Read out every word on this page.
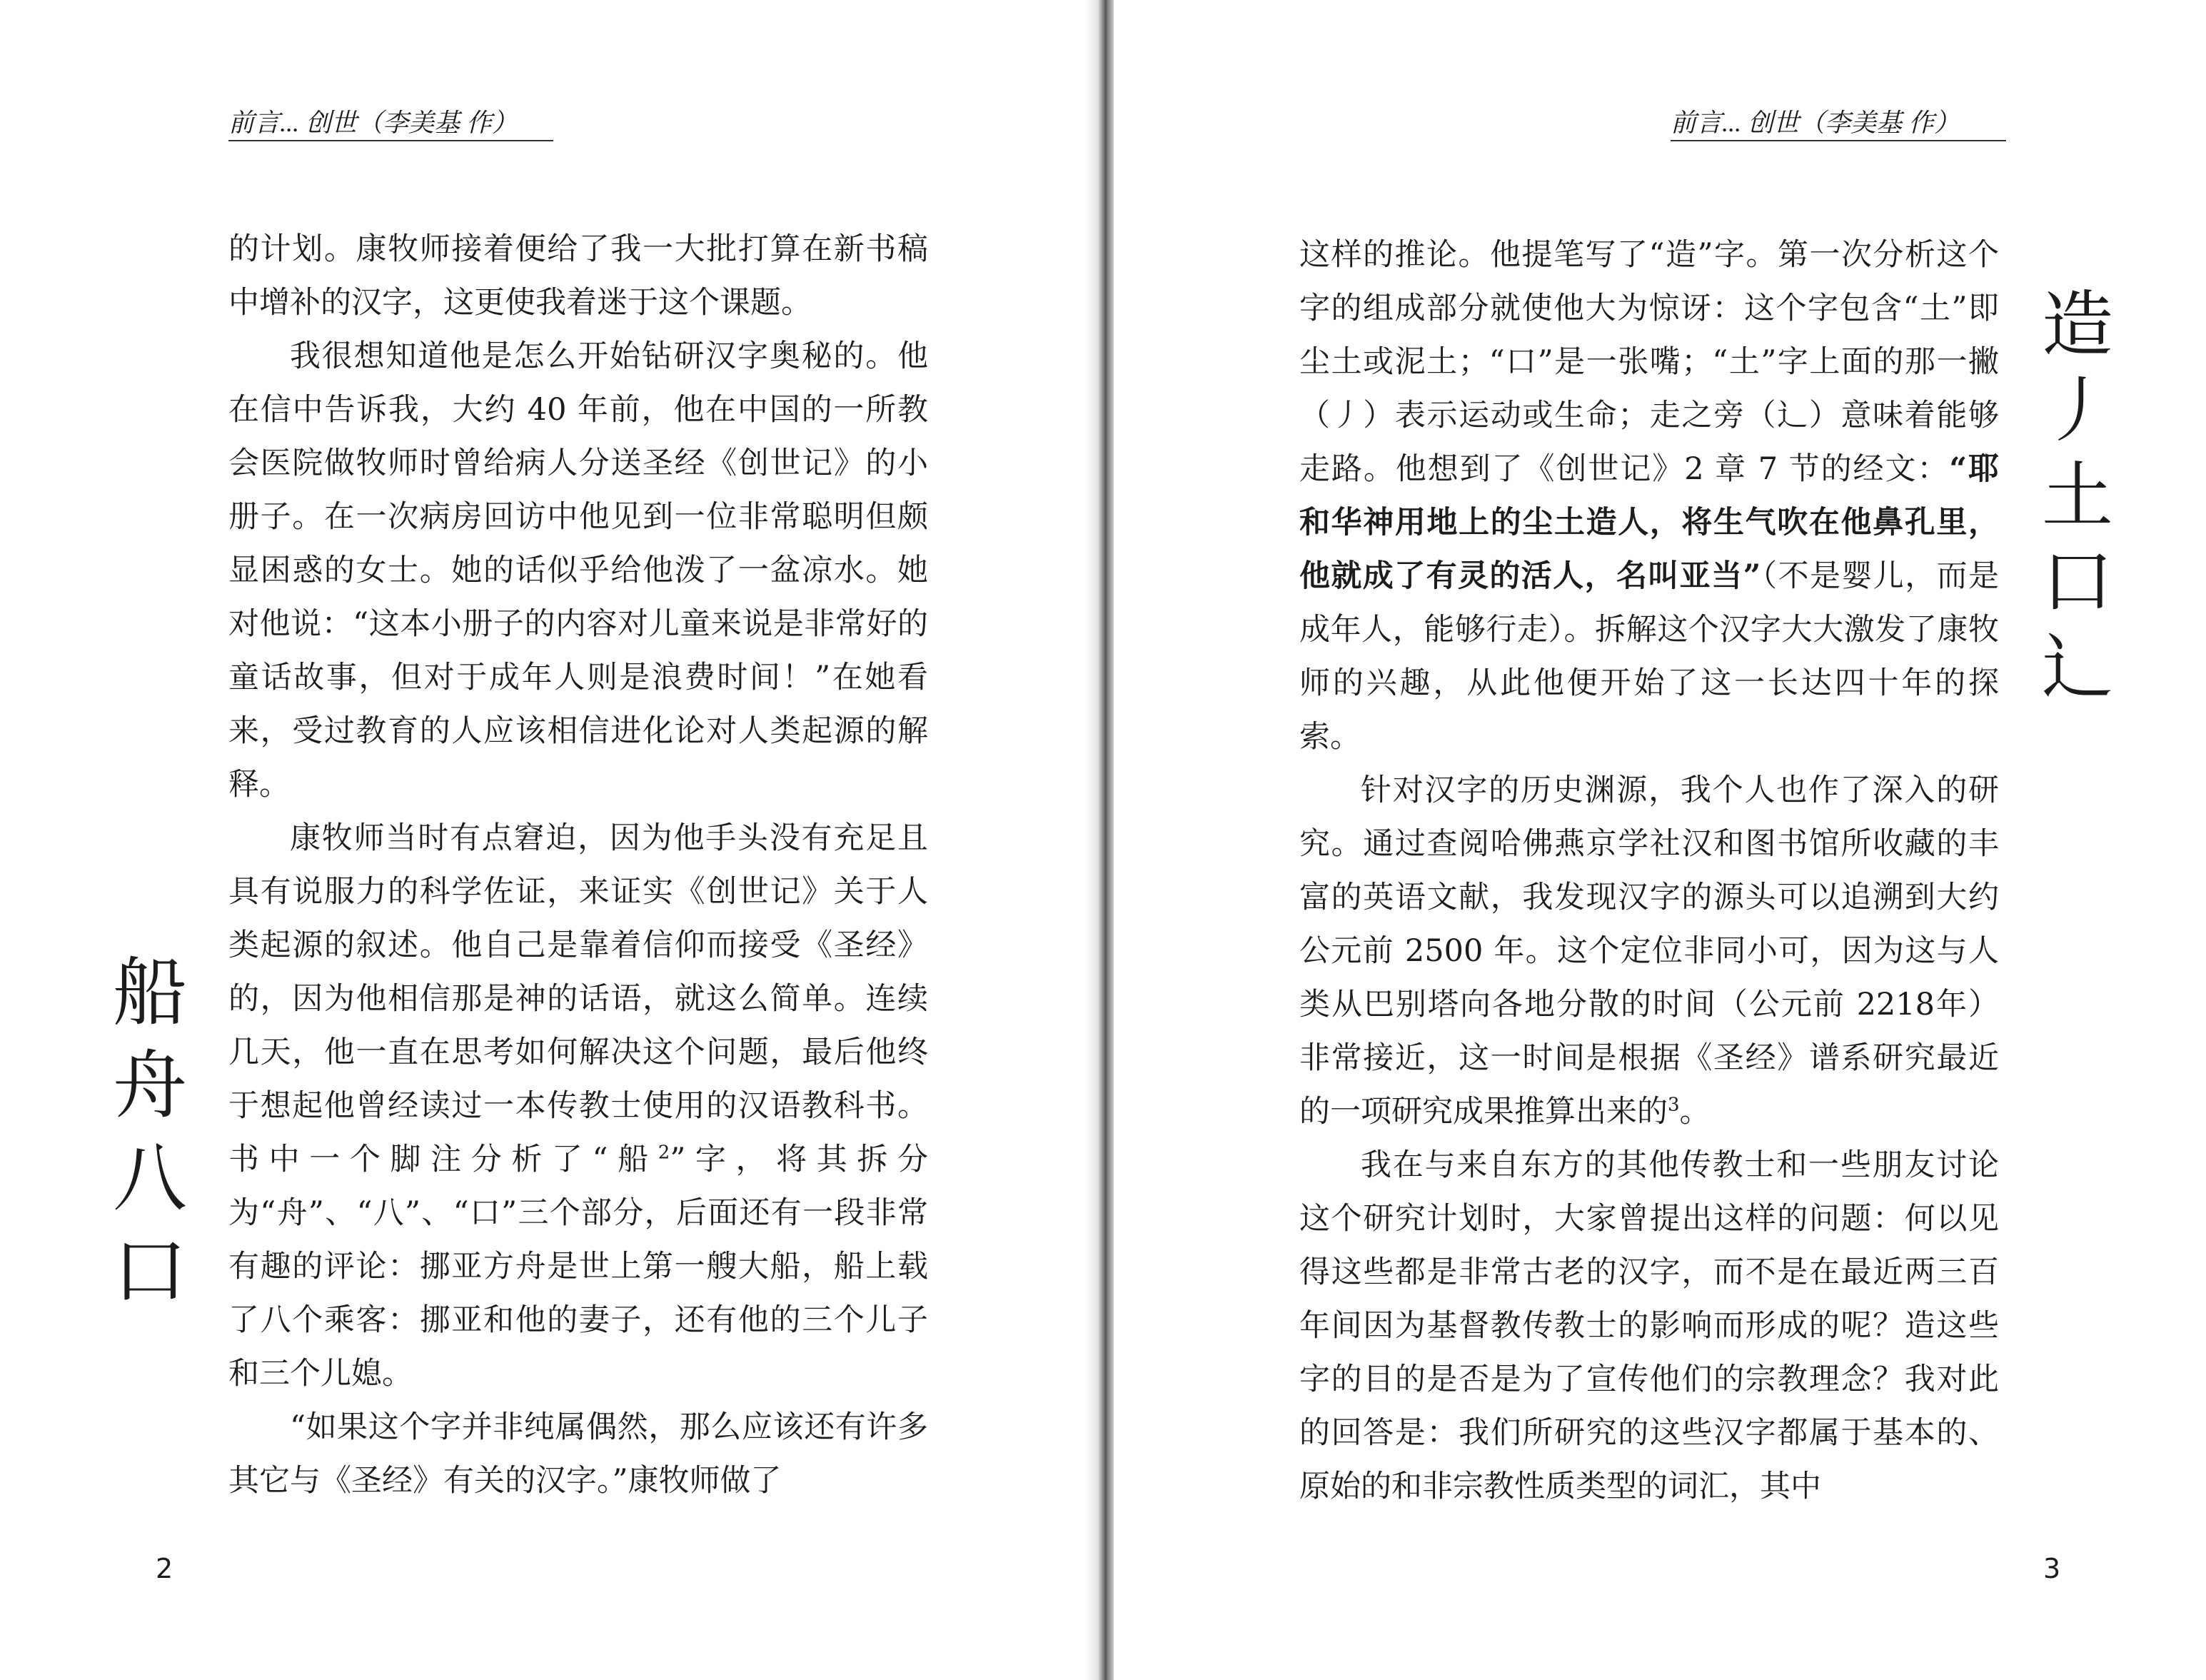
前言... 创世（李美基 作）

的计划。康牧师接着便给了我一大批打算在新书稿中增补的汉字，这更使我着迷于这个课题。

我很想知道他是怎么开始钻研汉字奥秘的。他在信中告诉我，大约 40 年前，他在中国的一所教会医院做牧师时曾给病人分送圣经《创世记》的小册子。在一次病房回访中他见到一位非常聪明但颇显困惑的女士。她的话似乎给他泼了一盆凉水。她对他说：“这本小册子的内容对儿童来说是非常好的童话故事，但对于成年人则是浪费时间！”在她看来，受过教育的人应该相信进化论对人类起源的解释。

康牧师当时有点窘迫，因为他手头没有充足且具有说服力的科学佐证，来证实《创世记》关于人类起源的叙述。他自己是靠着信仰而接受《圣经》的，因为他相信那是神的话语，就这么简单。连续几天，他一直在思考如何解决这个问题，最后他终于想起他曾经读过一本传教士使用的汉语教科书。书中一个脚注分析了“船$^2$”字，将其拆分为“舟”、“八”、“口”三个部分，后面还有一段非常有趣的评论：挪亚方舟是世上第一艘大船，船上载了八个乘客：挪亚和他的妻子，还有他的三个儿子和三个儿媳。

“如果这个字并非纯属偶然，那么应该还有许多其它与《圣经》有关的汉字。”康牧师做了

船
舟
八
口
2
前言... 创世（李美基 作）

这样的推论。他提笔写了“造”字。第一次分析这个字的组成部分就使他大为惊讶：这个字包含“土”即尘土或泥土；“口”是一张嘴；“土”字上面的那一撇（丿）表示运动或生命；走之旁（辶）意味着能够走路。他想到了《创世记》2 章 7 节的经文：“耶和华神用地上的尘土造人，将生气吹在他鼻孔里，他就成了有灵的活人，名叫亚当”（不是婴儿，而是成年人，能够行走）。拆解这个汉字大大激发了康牧师的兴趣，从此他便开始了这一长达四十年的探索。

针对汉字的历史渊源，我个人也作了深入的研究。通过查阅哈佛燕京学社汉和图书馆所收藏的丰富的英语文献，我发现汉字的源头可以追溯到大约公元前 2500 年。这个定位非同小可，因为这与人类从巴别塔向各地分散的时间（公元前 2218年）非常接近，这一时间是根据《圣经》谱系研究最近的一项研究成果推算出来的$^3$。

我在与来自东方的其他传教士和一些朋友讨论这个研究计划时，大家曾提出这样的问题：何以见得这些都是非常古老的汉字，而不是在最近两三百年间因为基督教传教士的影响而形成的呢？造这些字的目的是否是为了宣传他们的宗教理念？我对此的回答是：我们所研究的这些汉字都属于基本的、原始的和非宗教性质类型的词汇，其中

造
丿
土
口
辶
3
